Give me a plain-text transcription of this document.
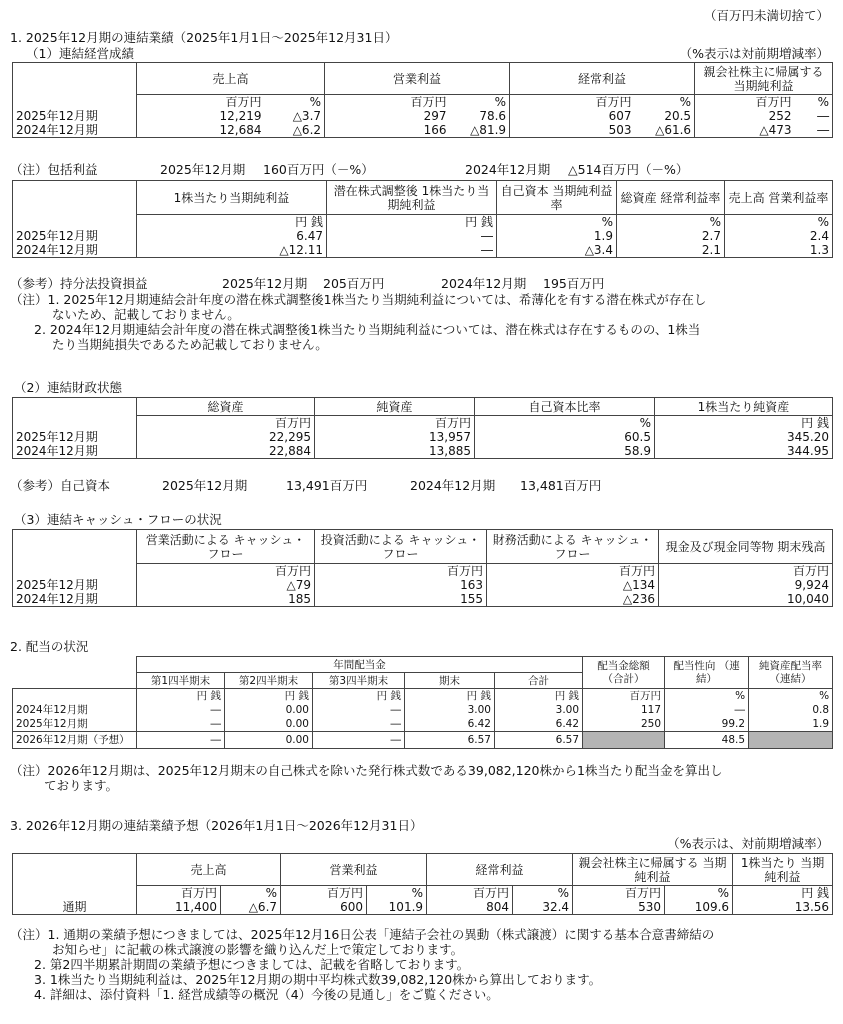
（百万円未満切捨て）
1. 2025年12月期の連結業績（2025年1月1日～2025年12月31日）
（1）連結経営成績	（%表示は対前期増減率）
	売上高		営業利益		経常利益		親会社株主に帰属する当期純利益	
	百万円	%	百万円	%	百万円	%	百万円	%
2025年12月期	12,219	△3.7	297	78.6	607	20.5	252	―
2024年12月期	12,684	△6.2	166	△81.9	503	△61.6	△473	―
（注）包括利益	2025年12月期 160百万円（－%）	2024年12月期 △514百万円（－%）
	1株当たり当期純利益	潜在株式調整後 1株当たり当期純利益	自己資本 当期純利益率	総資産 経常利益率	売上高 営業利益率
	円 銭	円 銭	%	%	%
2025年12月期	6.47	―	1.9	2.7	2.4
2024年12月期	△12.11	―	△3.4	2.1	1.3
（参考）持分法投資損益	2025年12月期 205百万円	2024年12月期 195百万円
（注）1. 2025年12月期連結会計年度の潜在株式調整後1株当たり当期純利益については、希薄化を有する潜在株式が存在し
ないため、記載しておりません。
2. 2024年12月期連結会計年度の潜在株式調整後1株当たり当期純利益については、潜在株式は存在するものの、1株当
たり当期純損失であるため記載しておりません。
（2）連結財政状態
	総資産	純資産	自己資本比率	1株当たり純資産
	百万円	百万円	%	円 銭
2025年12月期	22,295	13,957	60.5	345.20
2024年12月期	22,884	13,885	58.9	344.95
（参考）自己資本	2025年12月期	13,491百万円	2024年12月期 13,481百万円
（3）連結キャッシュ・フローの状況
	営業活動による キャッシュ・フロー	投資活動による キャッシュ・フロー	財務活動による キャッシュ・フロー	現金及び現金同等物 期末残高
	百万円	百万円	百万円	百万円
2025年12月期	△79	163	△134	9,924
2024年12月期	185	155	△236	10,040
2. 配当の状況
	年間配当金					配当金総額 （合計）	配当性向 （連結）	純資産配当率 （連結）
	第1四半期末	第2四半期末	第3四半期末	期末	合計			
	円 銭	円 銭	円 銭	円 銭	円 銭	百万円	%	%
2024年12月期	―	0.00	―	3.00	3.00	117	―	0.8
2025年12月期	―	0.00	―	6.42	6.42	250	99.2	1.9
2026年12月期（予想）	―	0.00	―	6.57	6.57		48.5	
（注）2026年12月期は、2025年12月期末の自己株式を除いた発行株式数である39,082,120株から1株当たり配当金を算出し
ております。
3. 2026年12月期の連結業績予想（2026年1月1日～2026年12月31日）
（%表示は、対前期増減率）
	売上高		営業利益		経常利益		親会社株主に帰属する 当期純利益		1株当たり 当期純利益
	百万円	%	百万円	%	百万円	%	百万円	%	円 銭
通期	11,400	△6.7	600	101.9	804	32.4	530	109.6	13.56
（注）1. 通期の業績予想につきましては、2025年12月16日公表「連結子会社の異動（株式譲渡）に関する基本合意書締結の
お知らせ」に記載の株式譲渡の影響を織り込んだ上で策定しております。
2. 第2四半期累計期間の業績予想につきましては、記載を省略しております。
3. 1株当たり当期純利益は、2025年12月期の期中平均株式数39,082,120株から算出しております。
4. 詳細は、添付資料「1. 経営成績等の概況（4）今後の見通し」をご覧ください。
